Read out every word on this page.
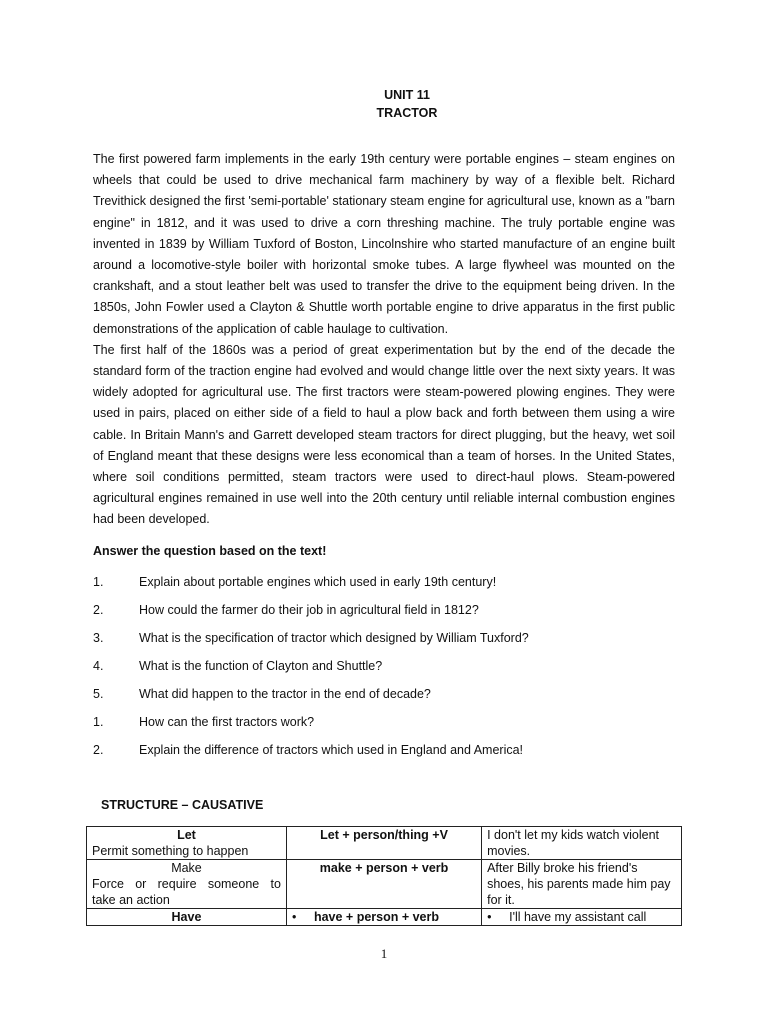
UNIT 11
TRACTOR

The first powered farm implements in the early 19th century were portable engines – steam engines on wheels that could be used to drive mechanical farm machinery by way of a flexible belt. Richard Trevithick designed the first 'semi-portable' stationary steam engine for agricultural use, known as a "barn engine" in 1812, and it was used to drive a corn threshing machine. The truly portable engine was invented in 1839 by William Tuxford of Boston, Lincolnshire who started manufacture of an engine built around a locomotive-style boiler with horizontal smoke tubes. A large flywheel was mounted on the crankshaft, and a stout leather belt was used to transfer the drive to the equipment being driven. In the 1850s, John Fowler used a Clayton & Shuttle worth portable engine to drive apparatus in the first public demonstrations of the application of cable haulage to cultivation.

The first half of the 1860s was a period of great experimentation but by the end of the decade the standard form of the traction engine had evolved and would change little over the next sixty years. It was widely adopted for agricultural use. The first tractors were steam-powered plowing engines. They were used in pairs, placed on either side of a field to haul a plow back and forth between them using a wire cable. In Britain Mann's and Garrett developed steam tractors for direct plugging, but the heavy, wet soil of England meant that these designs were less economical than a team of horses. In the United States, where soil conditions permitted, steam tractors were used to direct-haul plows. Steam-powered agricultural engines remained in use well into the 20th century until reliable internal combustion engines had been developed.

Answer the question based on the text!
1.	Explain about portable engines which used in early 19th century!
2.	How could the farmer do their job in agricultural field in 1812?
3.	What is the specification of tractor which designed by William Tuxford?
4.	What is the function of Clayton and Shuttle?
5.	What did happen to the tractor in the end of decade?
1.	How can the first tractors work?
2.	Explain the difference of tractors which used in England and America!
STRUCTURE – CAUSATIVE
Let
Permit something to happen	Let + person/thing +V	I don't let my kids watch violent movies.

Make
Force or require someone to
take an action	make + person + verb	After Billy broke his friend's shoes, his parents made him pay for it.

Have
	•have + person + verb	•I'll have my assistant call
1
